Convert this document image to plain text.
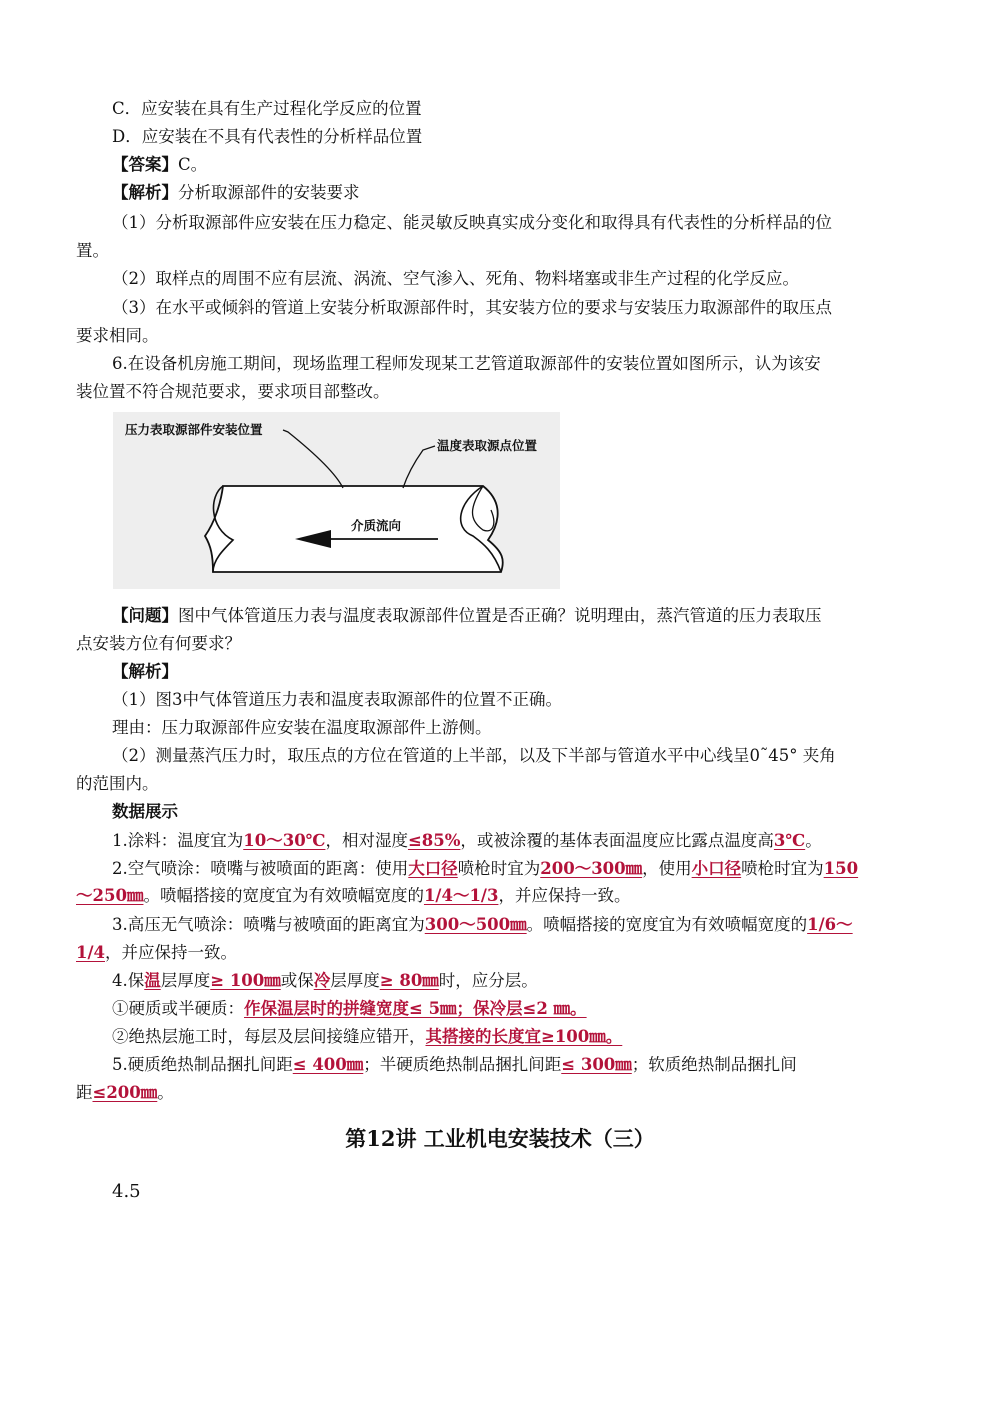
C．应安装在具有生产过程化学反应的位置
D．应安装在不具有代表性的分析样品位置
【答案】C。
【解析】分析取源部件的安装要求
（1）分析取源部件应安装在压力稳定、能灵敏反映真实成分变化和取得具有代表性的分析样品的位
置。
（2）取样点的周围不应有层流、涡流、空气渗入、死角、物料堵塞或非生产过程的化学反应。
（3）在水平或倾斜的管道上安装分析取源部件时，其安装方位的要求与安装压力取源部件的取压点
要求相同。
6.在设备机房施工期间，现场监理工程师发现某工艺管道取源部件的安装位置如图所示，认为该安
装位置不符合规范要求，要求项目部整改。
压力表取源部件安装位置
温度表取源点位置
介质流向
【问题】图中气体管道压力表与温度表取源部件位置是否正确？说明理由，蒸汽管道的压力表取压
点安装方位有何要求？
【解析】
（1）图3中气体管道压力表和温度表取源部件的位置不正确。
理由：压力取源部件应安装在温度取源部件上游侧。
（2）测量蒸汽压力时，取压点的方位在管道的上半部，以及下半部与管道水平中心线呈0˜45° 夹角
的范围内。
数据展示
1.涂料：温度宜为10～30℃，相对湿度≤85%，或被涂覆的基体表面温度应比露点温度高3℃。
2.空气喷涂：喷嘴与被喷面的距离：使用大口径喷枪时宜为200～300㎜，使用小口径喷枪时宜为150
～250㎜。喷幅搭接的宽度宜为有效喷幅宽度的1/4～1/3，并应保持一致。
3.高压无气喷涂：喷嘴与被喷面的距离宜为300～500㎜。喷幅搭接的宽度宜为有效喷幅宽度的1/6～
1/4，并应保持一致。
4.保温层厚度≥ 100㎜或保冷层厚度≥ 80㎜时，应分层。
①硬质或半硬质：作保温层时的拼缝宽度≤ 5㎜；保冷层≤2 ㎜。
②绝热层施工时，每层及层间接缝应错开，其搭接的长度宜≥100㎜。
5.硬质绝热制品捆扎间距≤ 400㎜；半硬质绝热制品捆扎间距≤ 300㎜；软质绝热制品捆扎间
距≤200㎜。
第12讲 工业机电安装技术（三）
4.5
